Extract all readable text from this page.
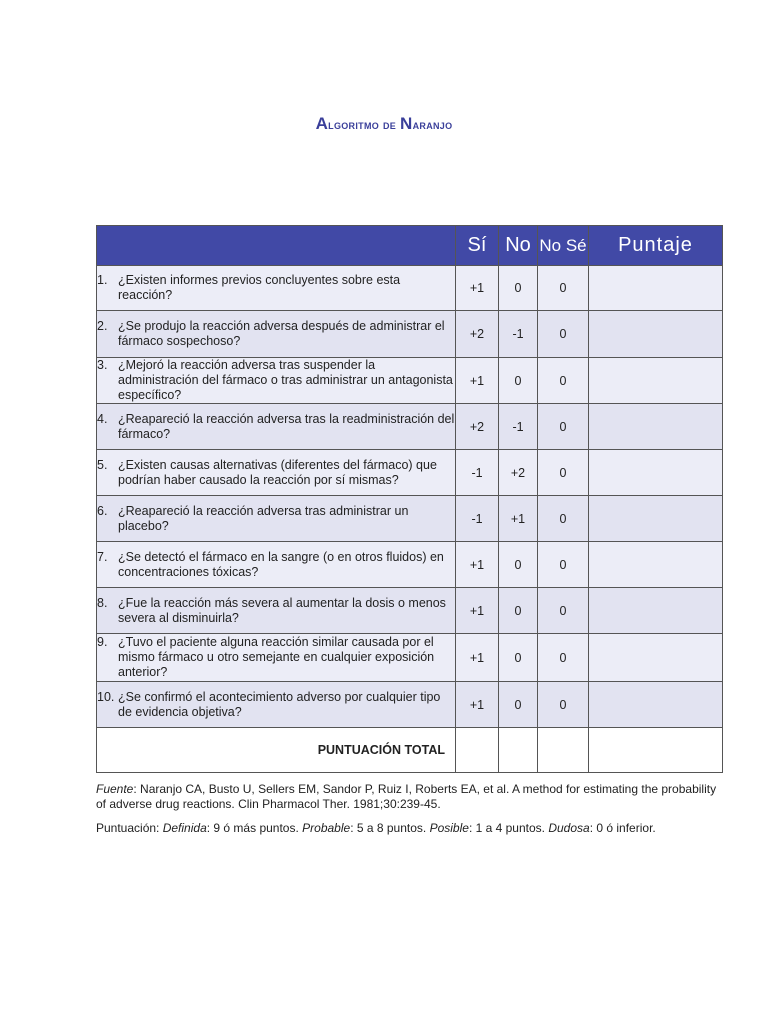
Algoritmo de Naranjo
	Sí	No	No Sé	Puntaje

1. ¿Existen informes previos concluyentes sobre esta reacción?	+1	0	0	

2. ¿Se produjo la reacción adversa después de administrar el fármaco sospechoso?	+2	-1	0	

3. ¿Mejoró la reacción adversa tras suspender la administración del fármaco o tras administrar un antagonista específico?	+1	0	0	

4. ¿Reapareció la reacción adversa tras la readministración del fármaco?	+2	-1	0	

5. ¿Existen causas alternativas (diferentes del fármaco) que podrían haber causado la reacción por sí mismas?	-1	+2	0	

6. ¿Reapareció la reacción adversa tras administrar un placebo?	-1	+1	0	

7. ¿Se detectó el fármaco en la sangre (o en otros fluidos) en concentraciones tóxicas?	+1	0	0	

8. ¿Fue la reacción más severa al aumentar la dosis o menos severa al disminuirla?	+1	0	0	

9. ¿Tuvo el paciente alguna reacción similar causada por el mismo fármaco u otro semejante en cualquier exposición anterior?	+1	0	0	

10. ¿Se confirmó el acontecimiento adverso por cualquier tipo de evidencia objetiva?	+1	0	0	
PUNTUACIÓN TOTAL				
Fuente: Naranjo CA, Busto U, Sellers EM, Sandor P, Ruiz I, Roberts EA, et al. A method for estimating the probability of adverse drug reactions. Clin Pharmacol Ther. 1981;30:239-45.
Puntuación: Definida: 9 ó más puntos. Probable: 5 a 8 puntos. Posible: 1 a 4 puntos. Dudosa: 0 ó inferior.
